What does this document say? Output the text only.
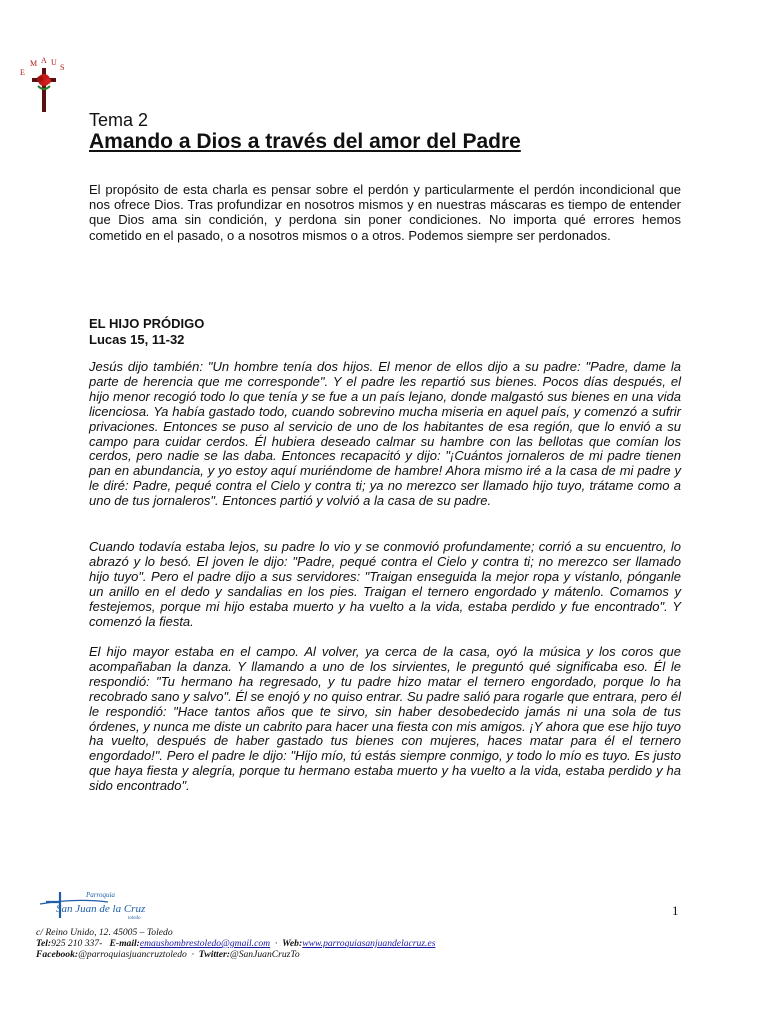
E M A U S

Tema 2

Amando a Dios a través del amor del Padre

El propósito de esta charla es pensar sobre el perdón y particularmente el perdón incondicional que nos ofrece Dios. Tras profundizar en nosotros mismos y en nuestras máscaras es tiempo de entender que Dios ama sin condición, y perdona sin poner condiciones. No importa qué errores hemos cometido en el pasado, o a nosotros mismos o a otros. Podemos siempre ser perdonados.

EL HIJO PRÓDIGO
Lucas 15, 11-32

Jesús dijo también: "Un hombre tenía dos hijos. El menor de ellos dijo a su padre: "Padre, dame la parte de herencia que me corresponde". Y el padre les repartió sus bienes. Pocos días después, el hijo menor recogió todo lo que tenía y se fue a un país lejano, donde malgastó sus bienes en una vida licenciosa. Ya había gastado todo, cuando sobrevino mucha miseria en aquel país, y comenzó a sufrir privaciones. Entonces se puso al servicio de uno de los habitantes de esa región, que lo envió a su campo para cuidar cerdos. Él hubiera deseado calmar su hambre con las bellotas que comían los cerdos, pero nadie se las daba. Entonces recapacitó y dijo: "¡Cuántos jornaleros de mi padre tienen pan en abundancia, y yo estoy aquí muriéndome de hambre! Ahora mismo iré a la casa de mi padre y le diré: Padre, pequé contra el Cielo y contra ti; ya no merezco ser llamado hijo tuyo, trátame como a uno de tus jornaleros". Entonces partió y volvió a la casa de su padre.

Cuando todavía estaba lejos, su padre lo vio y se conmovió profundamente; corrió a su encuentro, lo abrazó y lo besó. El joven le dijo: "Padre, pequé contra el Cielo y contra ti; no merezco ser llamado hijo tuyo". Pero el padre dijo a sus servidores: "Traigan enseguida la mejor ropa y vístanlo, pónganle un anillo en el dedo y sandalias en los pies. Traigan el ternero engordado y mátenlo. Comamos y festejemos, porque mi hijo estaba muerto y ha vuelto a la vida, estaba perdido y fue encontrado". Y comenzó la fiesta.

El hijo mayor estaba en el campo. Al volver, ya cerca de la casa, oyó la música y los coros que acompañaban la danza. Y llamando a uno de los sirvientes, le preguntó qué significaba eso. Él le respondió: "Tu hermano ha regresado, y tu padre hizo matar el ternero engordado, porque lo ha recobrado sano y salvo". Él se enojó y no quiso entrar. Su padre salió para rogarle que entrara, pero él le respondió: "Hace tantos años que te sirvo, sin haber desobedecido jamás ni una sola de tus órdenes, y nunca me diste un cabrito para hacer una fiesta con mis amigos. ¡Y ahora que ese hijo tuyo ha vuelto, después de haber gastado tus bienes con mujeres, haces matar para él el ternero engordado!". Pero el padre le dijo: "Hijo mío, tú estás siempre conmigo, y todo lo mío es tuyo. Es justo que haya fiesta y alegría, porque tu hermano estaba muerto y ha vuelto a la vida, estaba perdido y ha sido encontrado".

Parroquia
San Juan de la Cruz
toledo
1
c/ Reino Unido, 12. 45005 – Toledo
Tel:925 210 337-   E-mail:emaushombrestoledo@gmail.com · Web:www.parroquiasanjuandelacruz.es
Facebook:@parroquiasjuancruztoledo · Twitter:@SanJuanCruzTo
